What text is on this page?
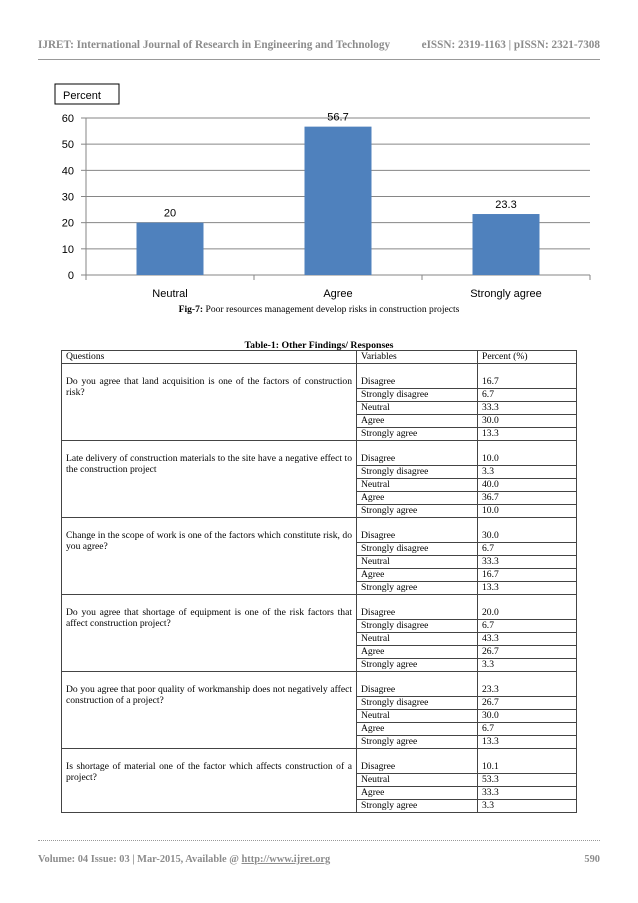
IJRET: International Journal of Research in Engineering and Technology	eISSN: 2319-1163 | pISSN: 2321-7308
Percent
0
10
20
30
40
50
60
20
Neutral
56.7
Agree
23.3
Strongly agree
Fig-7: Poor resources management develop risks in construction projects
Table-1: Other Findings/ Responses
Questions	Variables	Percent (%)
Do you agree that land acquisition is one of the factors of construction risk?	Disagree	16.7
	Strongly disagree	6.7
	Neutral	33.3
	Agree	30.0
	Strongly agree	13.3
Late delivery of construction materials to the site have a negative effect to the construction project	Disagree	10.0
	Strongly disagree	3.3
	Neutral	40.0
	Agree	36.7
	Strongly agree	10.0
Change in the scope of work is one of the factors which constitute risk, do you agree?	Disagree	30.0
	Strongly disagree	6.7
	Neutral	33.3
	Agree	16.7
	Strongly agree	13.3
Do you agree that shortage of equipment is one of the risk factors that affect construction project?	Disagree	20.0
	Strongly disagree	6.7
	Neutral	43.3
	Agree	26.7
	Strongly agree	3.3
Do you agree that poor quality of workmanship does not negatively affect construction of a project?	Disagree	23.3
	Strongly disagree	26.7
	Neutral	30.0
	Agree	6.7
	Strongly agree	13.3
Is shortage of material one of the factor which affects construction of a project?	Disagree	10.1
	Neutral	53.3
	Agree	33.3
	Strongly agree	3.3
Volume: 04 Issue: 03 | Mar-2015, Available @ http://www.ijret.org	590
